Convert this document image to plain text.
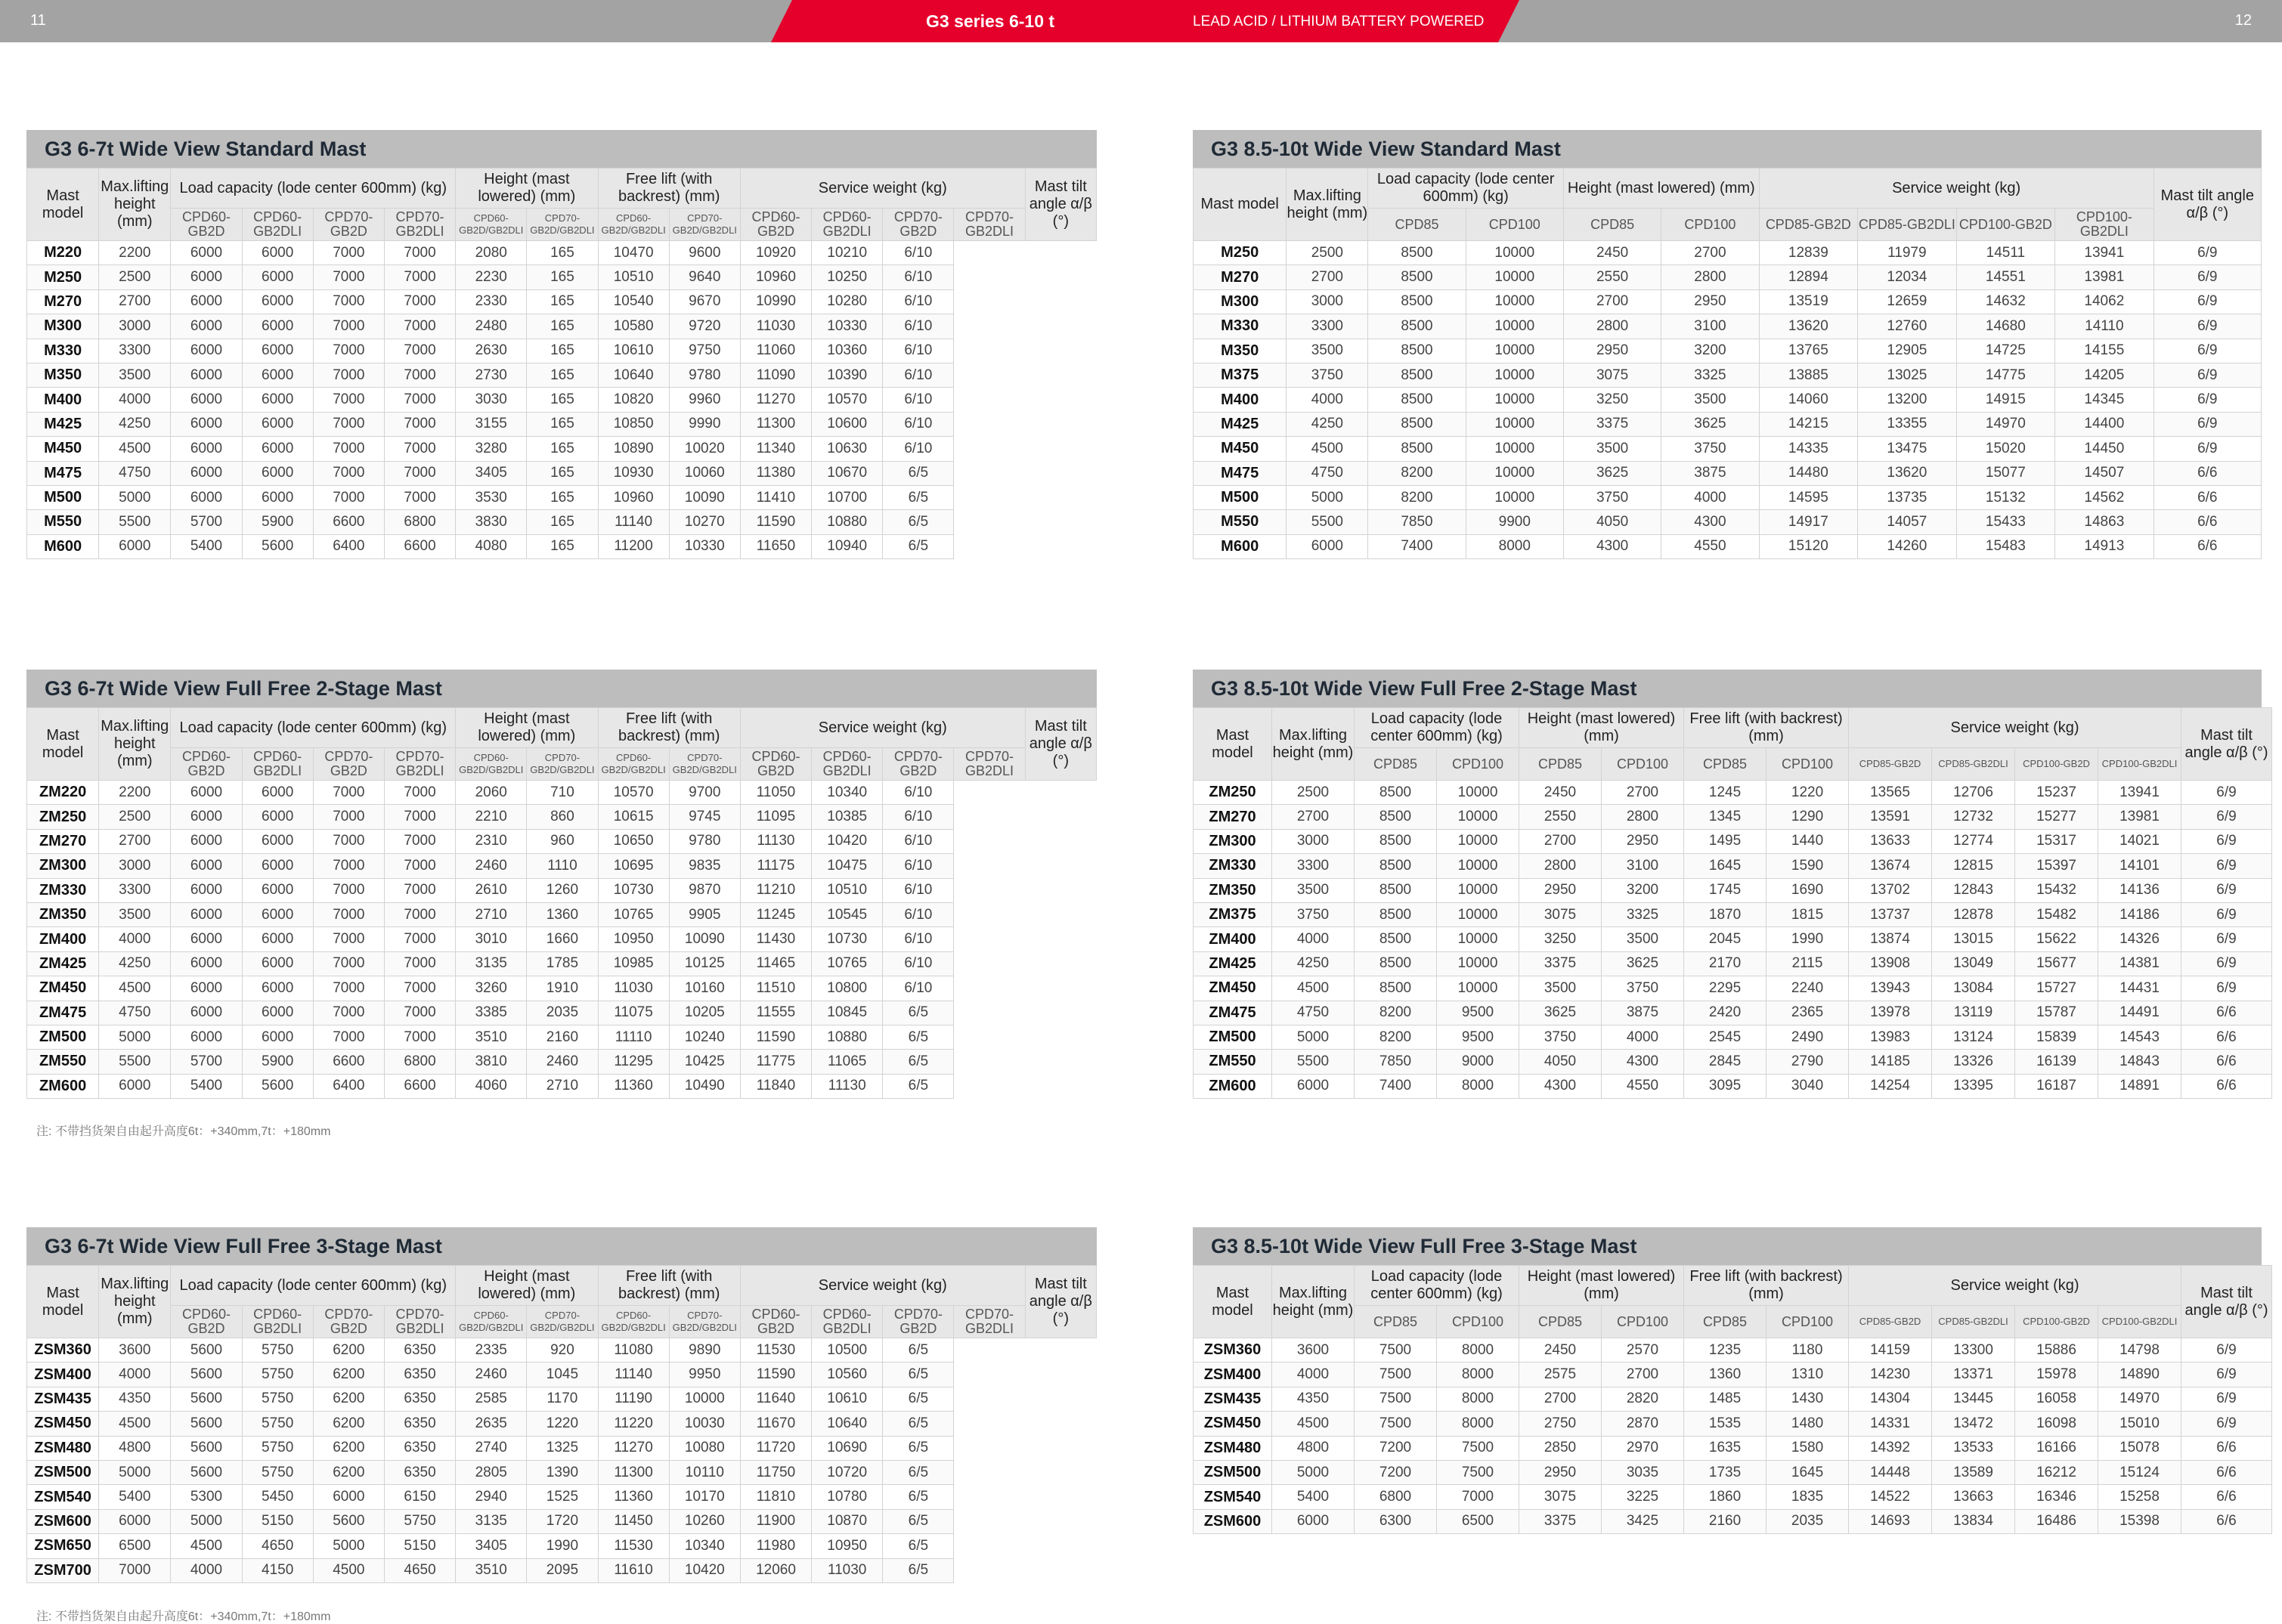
11	G3 series 6-10 t	LEAD ACID / LITHIUM BATTERY POWERED	12
G3 6-7t Wide View Standard Mast
Mast model	Max.lifting height (mm)	Load capacity (lode center 600mm) (kg)				Height (mast lowered) (mm)		Free lift (with backrest) (mm)		Service weight (kg)				Mast tilt angle α/β (°)
		CPD60-GB2D	CPD60-GB2DLI	CPD70-GB2D	CPD70-GB2DLI	CPD60-GB2D/GB2DLI	CPD70-GB2D/GB2DLI	CPD60-GB2D/GB2DLI	CPD70-GB2D/GB2DLI	CPD60-GB2D	CPD60-GB2DLI	CPD70-GB2D	CPD70-GB2DLI	
M220	2200	6000	6000	7000	7000	2080	165	10470	9600	10920	10210	6/10		
M250	2500	6000	6000	7000	7000	2230	165	10510	9640	10960	10250	6/10		
M270	2700	6000	6000	7000	7000	2330	165	10540	9670	10990	10280	6/10		
M300	3000	6000	6000	7000	7000	2480	165	10580	9720	11030	10330	6/10		
M330	3300	6000	6000	7000	7000	2630	165	10610	9750	11060	10360	6/10		
M350	3500	6000	6000	7000	7000	2730	165	10640	9780	11090	10390	6/10		
M400	4000	6000	6000	7000	7000	3030	165	10820	9960	11270	10570	6/10		
M425	4250	6000	6000	7000	7000	3155	165	10850	9990	11300	10600	6/10		
M450	4500	6000	6000	7000	7000	3280	165	10890	10020	11340	10630	6/10		
M475	4750	6000	6000	7000	7000	3405	165	10930	10060	11380	10670	6/5		
M500	5000	6000	6000	7000	7000	3530	165	10960	10090	11410	10700	6/5		
M550	5500	5700	5900	6600	6800	3830	165	11140	10270	11590	10880	6/5		
M600	6000	5400	5600	6400	6600	4080	165	11200	10330	11650	10940	6/5		
G3 6-7t Wide View Full Free 2-Stage Mast
Mast model	Max.lifting height (mm)	Load capacity (lode center 600mm) (kg)				Height (mast lowered) (mm)		Free lift (with backrest) (mm)		Service weight (kg)				Mast tilt angle α/β (°)
		CPD60-GB2D	CPD60-GB2DLI	CPD70-GB2D	CPD70-GB2DLI	CPD60-GB2D/GB2DLI	CPD70-GB2D/GB2DLI	CPD60-GB2D/GB2DLI	CPD70-GB2D/GB2DLI	CPD60-GB2D	CPD60-GB2DLI	CPD70-GB2D	CPD70-GB2DLI	
ZM220	2200	6000	6000	7000	7000	2060	710	10570	9700	11050	10340	6/10		
ZM250	2500	6000	6000	7000	7000	2210	860	10615	9745	11095	10385	6/10		
ZM270	2700	6000	6000	7000	7000	2310	960	10650	9780	11130	10420	6/10		
ZM300	3000	6000	6000	7000	7000	2460	1110	10695	9835	11175	10475	6/10		
ZM330	3300	6000	6000	7000	7000	2610	1260	10730	9870	11210	10510	6/10		
ZM350	3500	6000	6000	7000	7000	2710	1360	10765	9905	11245	10545	6/10		
ZM400	4000	6000	6000	7000	7000	3010	1660	10950	10090	11430	10730	6/10		
ZM425	4250	6000	6000	7000	7000	3135	1785	10985	10125	11465	10765	6/10		
ZM450	4500	6000	6000	7000	7000	3260	1910	11030	10160	11510	10800	6/10		
ZM475	4750	6000	6000	7000	7000	3385	2035	11075	10205	11555	10845	6/5		
ZM500	5000	6000	6000	7000	7000	3510	2160	11110	10240	11590	10880	6/5		
ZM550	5500	5700	5900	6600	6800	3810	2460	11295	10425	11775	11065	6/5		
ZM600	6000	5400	5600	6400	6600	4060	2710	11360	10490	11840	11130	6/5		
注: 不带挡货架自由起升高度6t：+340mm,7t：+180mm
G3 6-7t Wide View Full Free 3-Stage Mast
Mast model	Max.lifting height (mm)	Load capacity (lode center 600mm) (kg)				Height (mast lowered) (mm)		Free lift (with backrest) (mm)		Service weight (kg)				Mast tilt angle α/β (°)
		CPD60-GB2D	CPD60-GB2DLI	CPD70-GB2D	CPD70-GB2DLI	CPD60-GB2D/GB2DLI	CPD70-GB2D/GB2DLI	CPD60-GB2D/GB2DLI	CPD70-GB2D/GB2DLI	CPD60-GB2D	CPD60-GB2DLI	CPD70-GB2D	CPD70-GB2DLI	
ZSM360	3600	5600	5750	6200	6350	2335	920	11080	9890	11530	10500	6/5		
ZSM400	4000	5600	5750	6200	6350	2460	1045	11140	9950	11590	10560	6/5		
ZSM435	4350	5600	5750	6200	6350	2585	1170	11190	10000	11640	10610	6/5		
ZSM450	4500	5600	5750	6200	6350	2635	1220	11220	10030	11670	10640	6/5		
ZSM480	4800	5600	5750	6200	6350	2740	1325	11270	10080	11720	10690	6/5		
ZSM500	5000	5600	5750	6200	6350	2805	1390	11300	10110	11750	10720	6/5		
ZSM540	5400	5300	5450	6000	6150	2940	1525	11360	10170	11810	10780	6/5		
ZSM600	6000	5000	5150	5600	5750	3135	1720	11450	10260	11900	10870	6/5		
ZSM650	6500	4500	4650	5000	5150	3405	1990	11530	10340	11980	10950	6/5		
ZSM700	7000	4000	4150	4500	4650	3510	2095	11610	10420	12060	11030	6/5		
注: 不带挡货架自由起升高度6t：+340mm,7t：+180mm
G3 8.5-10t Wide View Standard Mast
Mast model	Max.lifting height (mm)	Load capacity (lode center 600mm) (kg)		Height (mast lowered) (mm)		Service weight (kg)				Mast tilt angle α/β (°)
		CPD85	CPD100	CPD85	CPD100	CPD85-GB2D	CPD85-GB2DLI	CPD100-GB2D	CPD100-GB2DLI	
M250	2500	8500	10000	2450	2700	12839	11979	14511	13941	6/9
M270	2700	8500	10000	2550	2800	12894	12034	14551	13981	6/9
M300	3000	8500	10000	2700	2950	13519	12659	14632	14062	6/9
M330	3300	8500	10000	2800	3100	13620	12760	14680	14110	6/9
M350	3500	8500	10000	2950	3200	13765	12905	14725	14155	6/9
M375	3750	8500	10000	3075	3325	13885	13025	14775	14205	6/9
M400	4000	8500	10000	3250	3500	14060	13200	14915	14345	6/9
M425	4250	8500	10000	3375	3625	14215	13355	14970	14400	6/9
M450	4500	8500	10000	3500	3750	14335	13475	15020	14450	6/9
M475	4750	8200	10000	3625	3875	14480	13620	15077	14507	6/6
M500	5000	8200	10000	3750	4000	14595	13735	15132	14562	6/6
M550	5500	7850	9900	4050	4300	14917	14057	15433	14863	6/6
M600	6000	7400	8000	4300	4550	15120	14260	15483	14913	6/6
G3 8.5-10t Wide View Full Free 2-Stage Mast
Mast model	Max.lifting height (mm)	Load capacity (lode center 600mm) (kg)		Height (mast lowered) (mm)		Free lift (with backrest) (mm)		Service weight (kg)				Mast tilt angle α/β (°)
		CPD85	CPD100	CPD85	CPD100	CPD85	CPD100	CPD85-GB2D	CPD85-GB2DLI	CPD100-GB2D	CPD100-GB2DLI	
ZM250	2500	8500	10000	2450	2700	1245	1220	13565	12706	15237	13941	6/9
ZM270	2700	8500	10000	2550	2800	1345	1290	13591	12732	15277	13981	6/9
ZM300	3000	8500	10000	2700	2950	1495	1440	13633	12774	15317	14021	6/9
ZM330	3300	8500	10000	2800	3100	1645	1590	13674	12815	15397	14101	6/9
ZM350	3500	8500	10000	2950	3200	1745	1690	13702	12843	15432	14136	6/9
ZM375	3750	8500	10000	3075	3325	1870	1815	13737	12878	15482	14186	6/9
ZM400	4000	8500	10000	3250	3500	2045	1990	13874	13015	15622	14326	6/9
ZM425	4250	8500	10000	3375	3625	2170	2115	13908	13049	15677	14381	6/9
ZM450	4500	8500	10000	3500	3750	2295	2240	13943	13084	15727	14431	6/9
ZM475	4750	8200	9500	3625	3875	2420	2365	13978	13119	15787	14491	6/6
ZM500	5000	8200	9500	3750	4000	2545	2490	13983	13124	15839	14543	6/6
ZM550	5500	7850	9000	4050	4300	2845	2790	14185	13326	16139	14843	6/6
ZM600	6000	7400	8000	4300	4550	3095	3040	14254	13395	16187	14891	6/6
G3 8.5-10t Wide View Full Free 3-Stage Mast
Mast model	Max.lifting height (mm)	Load capacity (lode center 600mm) (kg)		Height (mast lowered) (mm)		Free lift (with backrest) (mm)		Service weight (kg)				Mast tilt angle α/β (°)
		CPD85	CPD100	CPD85	CPD100	CPD85	CPD100	CPD85-GB2D	CPD85-GB2DLI	CPD100-GB2D	CPD100-GB2DLI	
ZSM360	3600	7500	8000	2450	2570	1235	1180	14159	13300	15886	14798	6/9
ZSM400	4000	7500	8000	2575	2700	1360	1310	14230	13371	15978	14890	6/9
ZSM435	4350	7500	8000	2700	2820	1485	1430	14304	13445	16058	14970	6/9
ZSM450	4500	7500	8000	2750	2870	1535	1480	14331	13472	16098	15010	6/9
ZSM480	4800	7200	7500	2850	2970	1635	1580	14392	13533	16166	15078	6/6
ZSM500	5000	7200	7500	2950	3035	1735	1645	14448	13589	16212	15124	6/6
ZSM540	5400	6800	7000	3075	3225	1860	1835	14522	13663	16346	15258	6/6
ZSM600	6000	6300	6500	3375	3425	2160	2035	14693	13834	16486	15398	6/6
